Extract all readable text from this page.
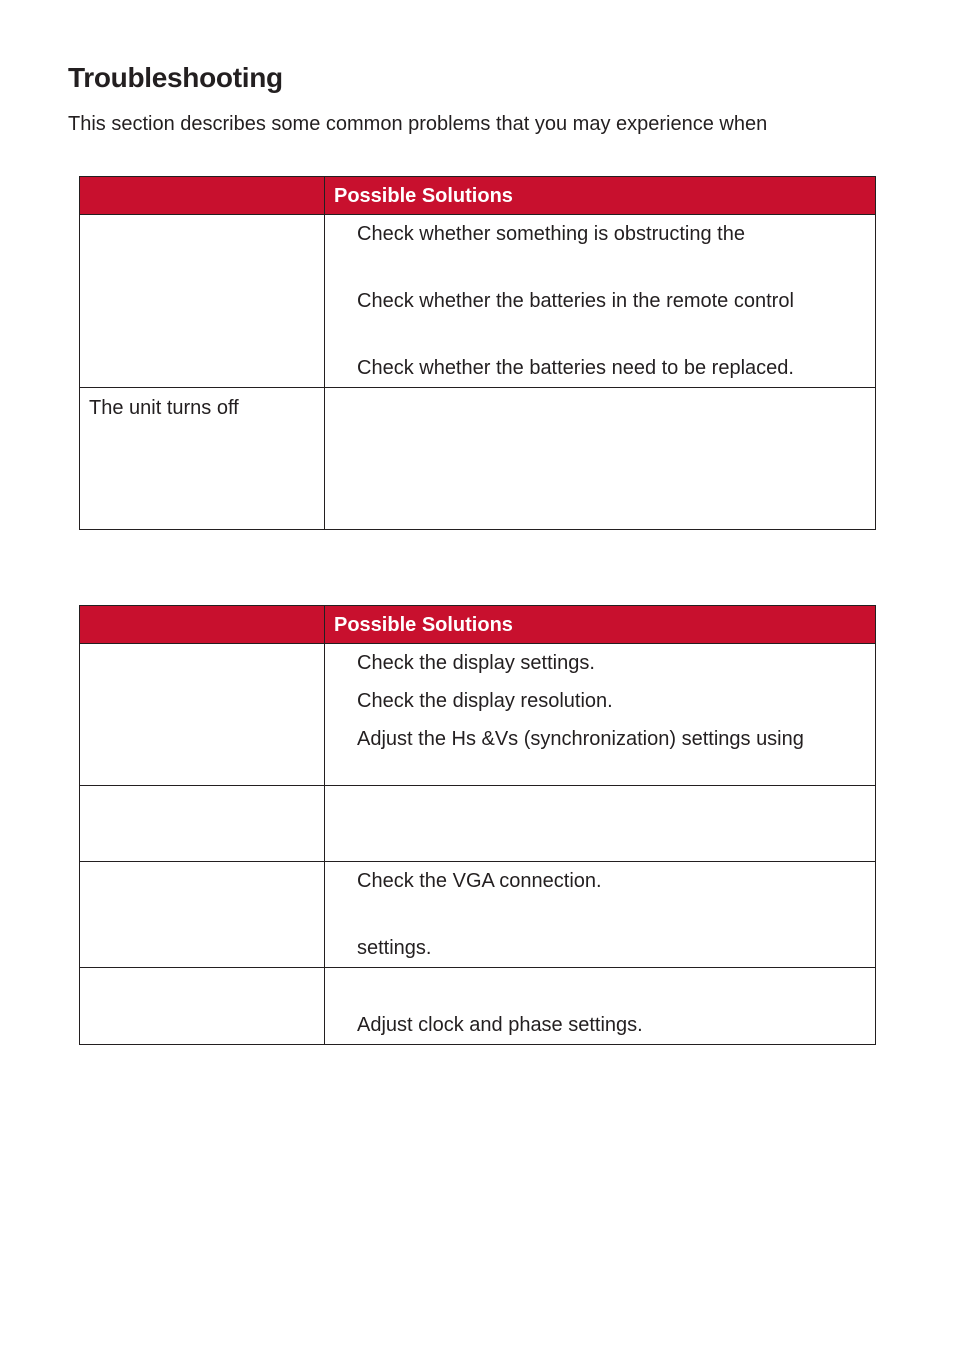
Troubleshooting

This section describes some common problems that you may experience when

	Possible Solutions

	Check whether something is obstructing the
Check whether the batteries in the remote control
Check whether the batteries need to be replaced.

The unit turns off	

	Possible Solutions

	Check the display settings.
Check the display resolution.
Adjust the Hs &Vs (synchronization) settings using

	Check the VGA connection.
settings.

	Adjust clock and phase settings.
